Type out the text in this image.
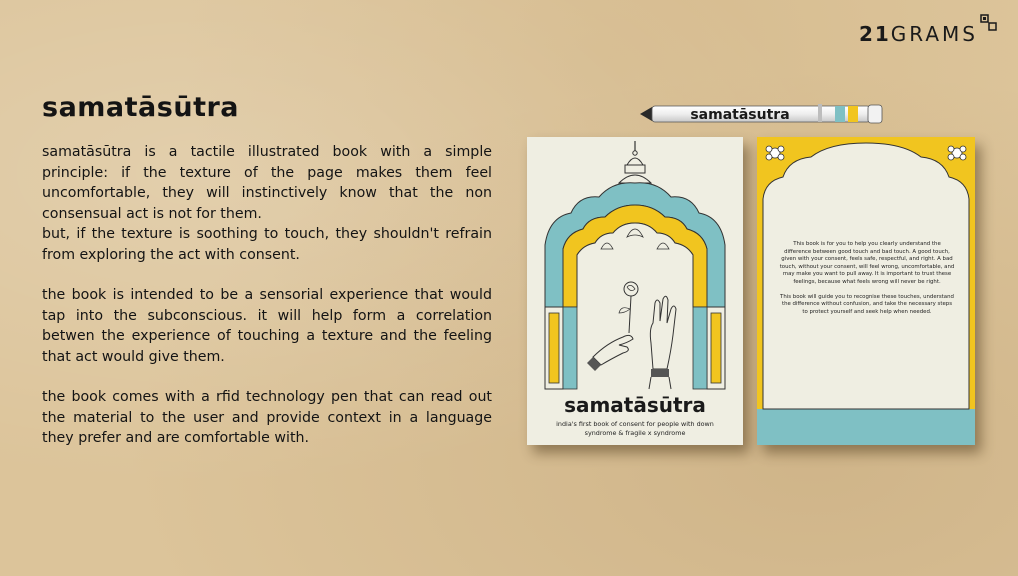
21GRAMS
samatāsūtra

samatāsūtra is a tactile illustrated book with a simple principle: if the texture of the page makes them feel uncomfortable, they will instinctively know that the non consensual act is not for them.

but, if the texture is soothing to touch, they shouldn't refrain from exploring the act with consent.

the book is intended to be a sensorial experience that would tap into the subconscious. it will help form a correlation betwen the experience of touching a texture and the feeling that act would give them.

the book comes with a rfid technology pen that can read out the material to the user and provide context in a language they prefer and are comfortable with.

samatāsutra
samatāsūtra
india's first book of consent for people with down syndrome & fragile x syndrome

This book is for you to help you clearly understand the difference between good touch and bad touch. A good touch, given with your consent, feels safe, respectful, and right. A bad touch, without your consent, will feel wrong, uncomfortable, and may make you want to pull away. It is important to trust these feelings, because what feels wrong will never be right.

This book will guide you to recognise these touches, understand the difference without confusion, and take the necessary steps to protect yourself and seek help when needed.
